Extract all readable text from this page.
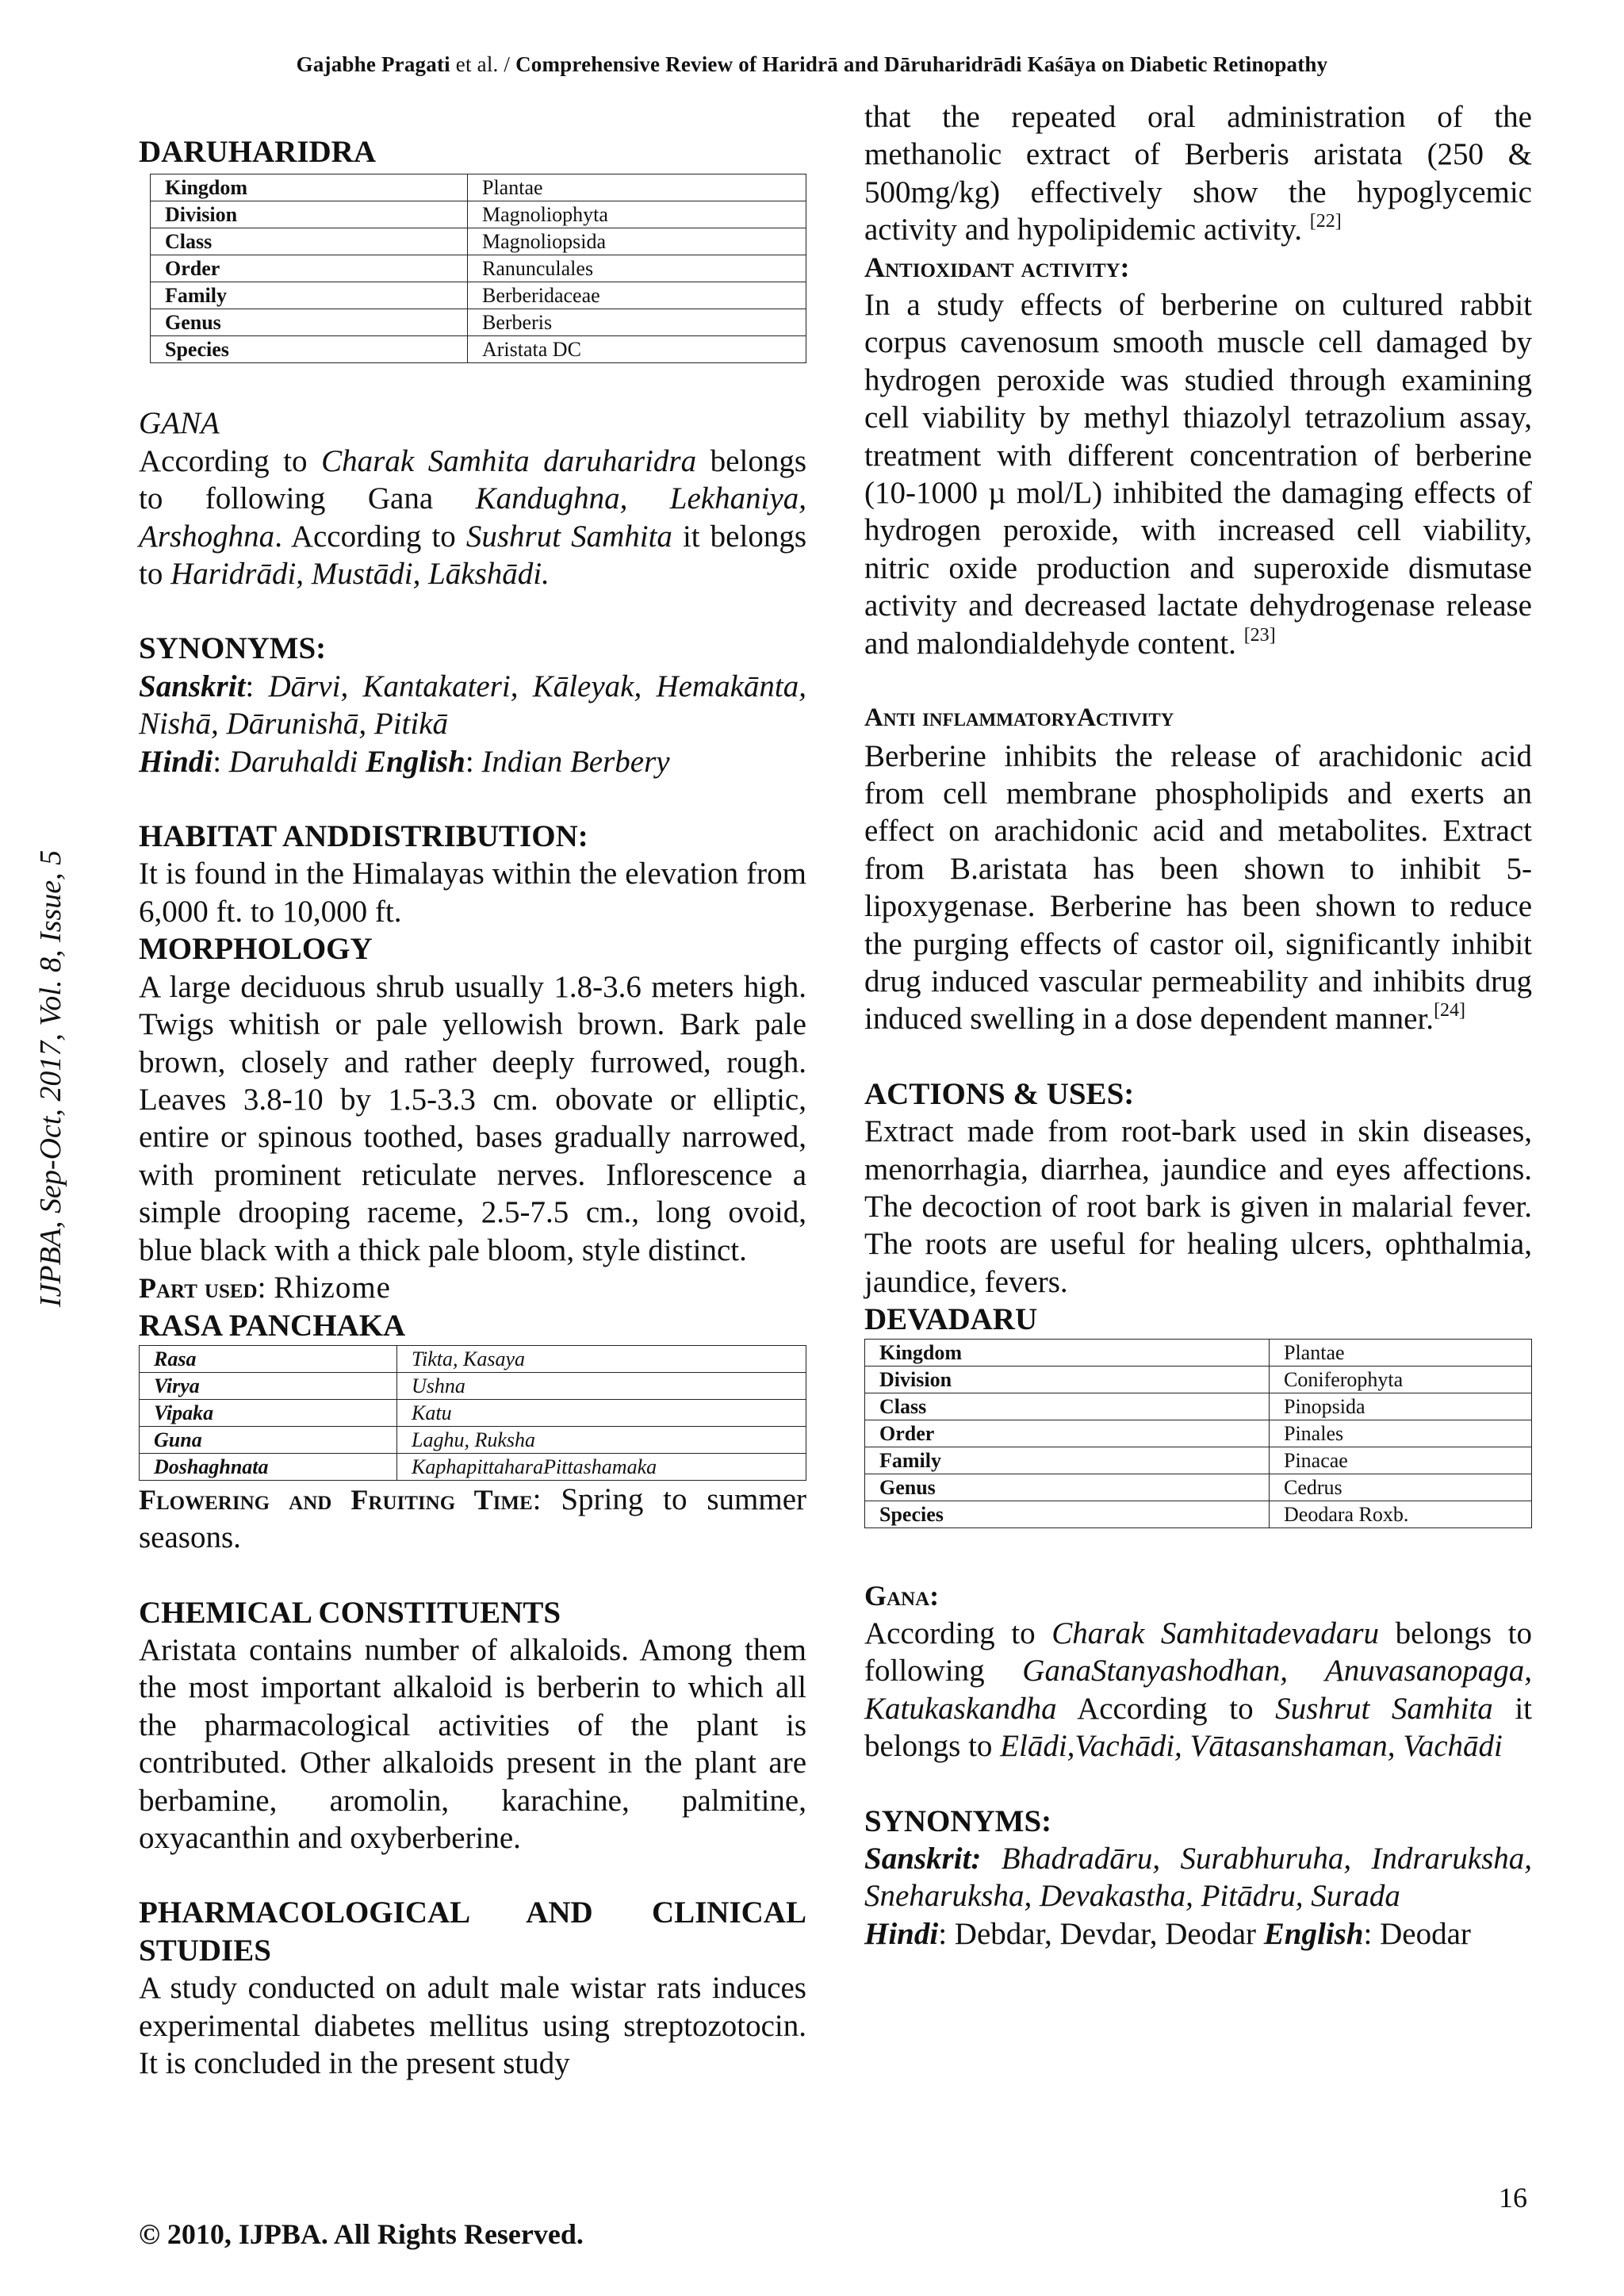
Gajabhe Pragati et al. / Comprehensive Review of Haridrā and Dāruharidrādi Kaśāya on Diabetic Retinopathy
IJPBA, Sep-Oct, 2017, Vol. 8, Issue, 5
DARUHARIDRA
Kingdom	Plantae
Division	Magnoliophyta
Class	Magnoliopsida
Order	Ranunculales
Family	Berberidaceae
Genus	Berberis
Species	Aristata DC
GANA

According to Charak Samhita daruharidra belongs to following Gana Kandughna, Lekhaniya, Arshoghna. According to Sushrut Samhita it belongs to Haridrādi, Mustādi, Lākshādi.

SYNONYMS:

Sanskrit: Dārvi, Kantakateri, Kāleyak, Hemakānta, Nishā, Dārunishā, Pitikā

Hindi: Daruhaldi English: Indian Berbery

HABITAT ANDDISTRIBUTION:

It is found in the Himalayas within the elevation from 6,000 ft. to 10,000 ft.

MORPHOLOGY

A large deciduous shrub usually 1.8-3.6 meters high. Twigs whitish or pale yellowish brown. Bark pale brown, closely and rather deeply furrowed, rough. Leaves 3.8-10 by 1.5-3.3 cm. obovate or elliptic, entire or spinous toothed, bases gradually narrowed, with prominent reticulate nerves. Inflorescence a simple drooping raceme, 2.5-7.5 cm., long ovoid, blue black with a thick pale bloom, style distinct.

Part used: Rhizome
RASA PANCHAKA
Rasa	Tikta, Kasaya
Virya	Ushna
Vipaka	Katu
Guna	Laghu, Ruksha
Doshaghnata	KaphapittaharaPittashamaka

Flowering and Fruiting Time: Spring to summer seasons.

CHEMICAL CONSTITUENTS

Aristata contains number of alkaloids. Among them the most important alkaloid is berberin to which all the pharmacological activities of the plant is contributed. Other alkaloids present in the plant are berbamine, aromolin, karachine, palmitine, oxyacanthin and oxyberberine.

PHARMACOLOGICAL AND CLINICAL STUDIES

A study conducted on adult male wistar rats induces experimental diabetes mellitus using streptozotocin. It is concluded in the present study

that the repeated oral administration of the methanolic extract of Berberis aristata (250 & 500mg/kg) effectively show the hypoglycemic activity and hypolipidemic activity. [22]

Antioxidant activity:

In a study effects of berberine on cultured rabbit corpus cavenosum smooth muscle cell damaged by hydrogen peroxide was studied through examining cell viability by methyl thiazolyl tetrazolium assay, treatment with different concentration of berberine (10-1000 µ mol/L) inhibited the damaging effects of hydrogen peroxide, with increased cell viability, nitric oxide production and superoxide dismutase activity and decreased lactate dehydrogenase release and malondialdehyde content. [23]

Anti inflammatoryActivity

Berberine inhibits the release of arachidonic acid from cell membrane phospholipids and exerts an effect on arachidonic acid and metabolites. Extract from B.aristata has been shown to inhibit 5-lipoxygenase. Berberine has been shown to reduce the purging effects of castor oil, significantly inhibit drug induced vascular permeability and inhibits drug induced swelling in a dose dependent manner.[24]

ACTIONS & USES:

Extract made from root-bark used in skin diseases, menorrhagia, diarrhea, jaundice and eyes affections. The decoction of root bark is given in malarial fever. The roots are useful for healing ulcers, ophthalmia, jaundice, fevers.

DEVADARU
Kingdom	Plantae
Division	Coniferophyta
Class	Pinopsida
Order	Pinales
Family	Pinacae
Genus	Cedrus
Species	Deodara Roxb.
Gana:

According to Charak Samhitadevadaru belongs to following GanaStanyashodhan, Anuvasanopaga, Katukaskandha According to Sushrut Samhita it belongs to Elādi,Vachādi, Vātasanshaman, Vachādi

SYNONYMS:

Sanskrit: Bhadradāru, Surabhuruha, Indraruksha, Sneharuksha, Devakastha, Pitādru, Surada

Hindi: Debdar, Devdar, Deodar English: Deodar

16
© 2010, IJPBA. All Rights Reserved.
